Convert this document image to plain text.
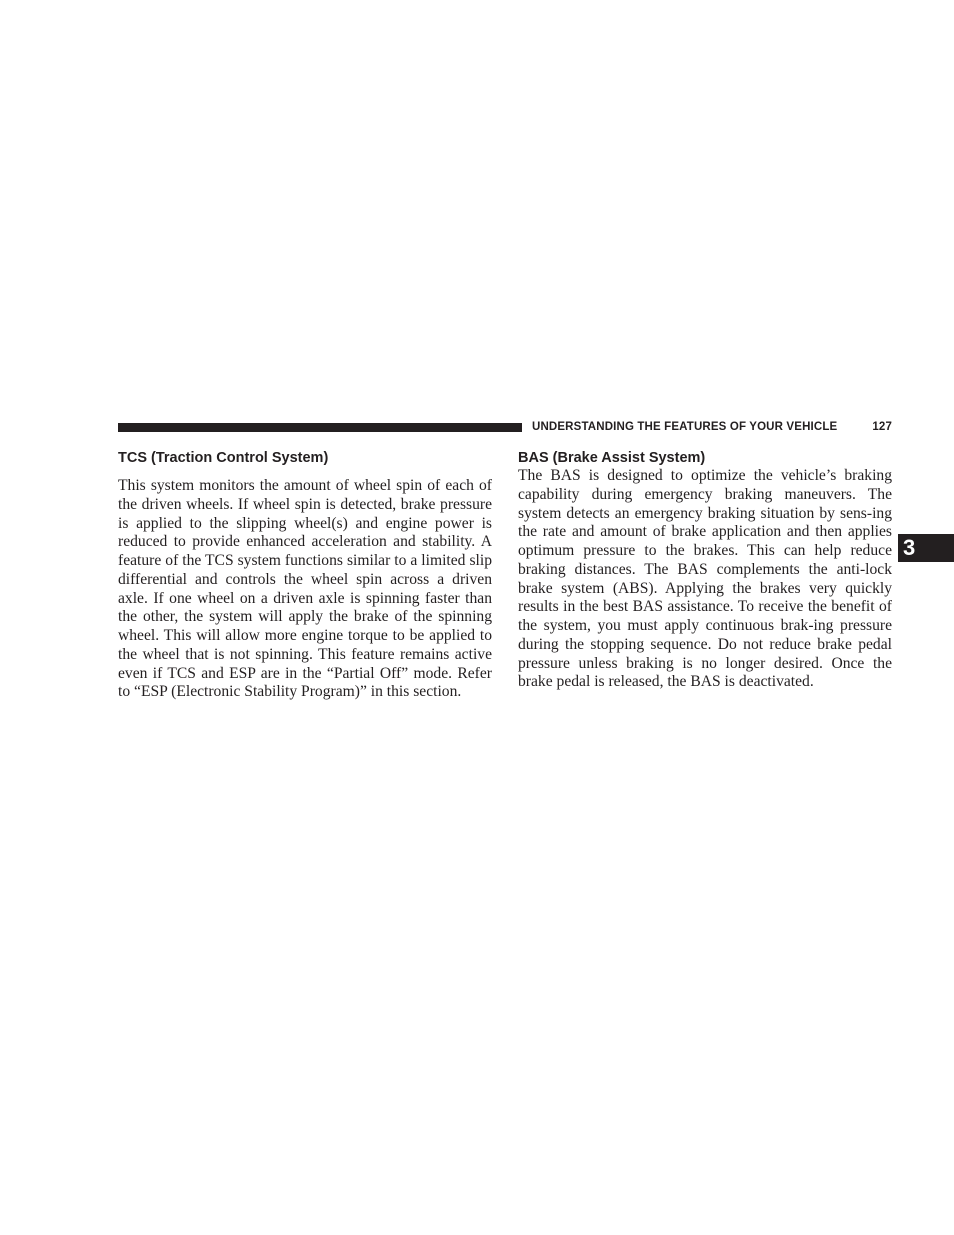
UNDERSTANDING THE FEATURES OF YOUR VEHICLE	127
TCS (Traction Control System)

This system monitors the amount of wheel spin of each of the driven wheels. If wheel spin is detected, brake pressure is applied to the slipping wheel(s) and engine power is reduced to provide enhanced acceleration and stability. A feature of the TCS system functions similar to a limited slip differential and controls the wheel spin across a driven axle. If one wheel on a driven axle is spinning faster than the other, the system will apply the brake of the spinning wheel. This will allow more engine torque to be applied to the wheel that is not spinning. This feature remains active even if TCS and ESP are in the “Partial Off” mode. Refer to “ESP (Electronic Stability Program)” in this section.

BAS (Brake Assist System)

The BAS is designed to optimize the vehicle’s braking capability during emergency braking maneuvers. The system detects an emergency braking situation by sens-ing the rate and amount of brake application and then applies optimum pressure to the brakes. This can help reduce braking distances. The BAS complements the anti-lock brake system (ABS). Applying the brakes very quickly results in the best BAS assistance. To receive the benefit of the system, you must apply continuous brak-ing pressure during the stopping sequence. Do not reduce brake pedal pressure unless braking is no longer desired. Once the brake pedal is released, the BAS is deactivated.

3
